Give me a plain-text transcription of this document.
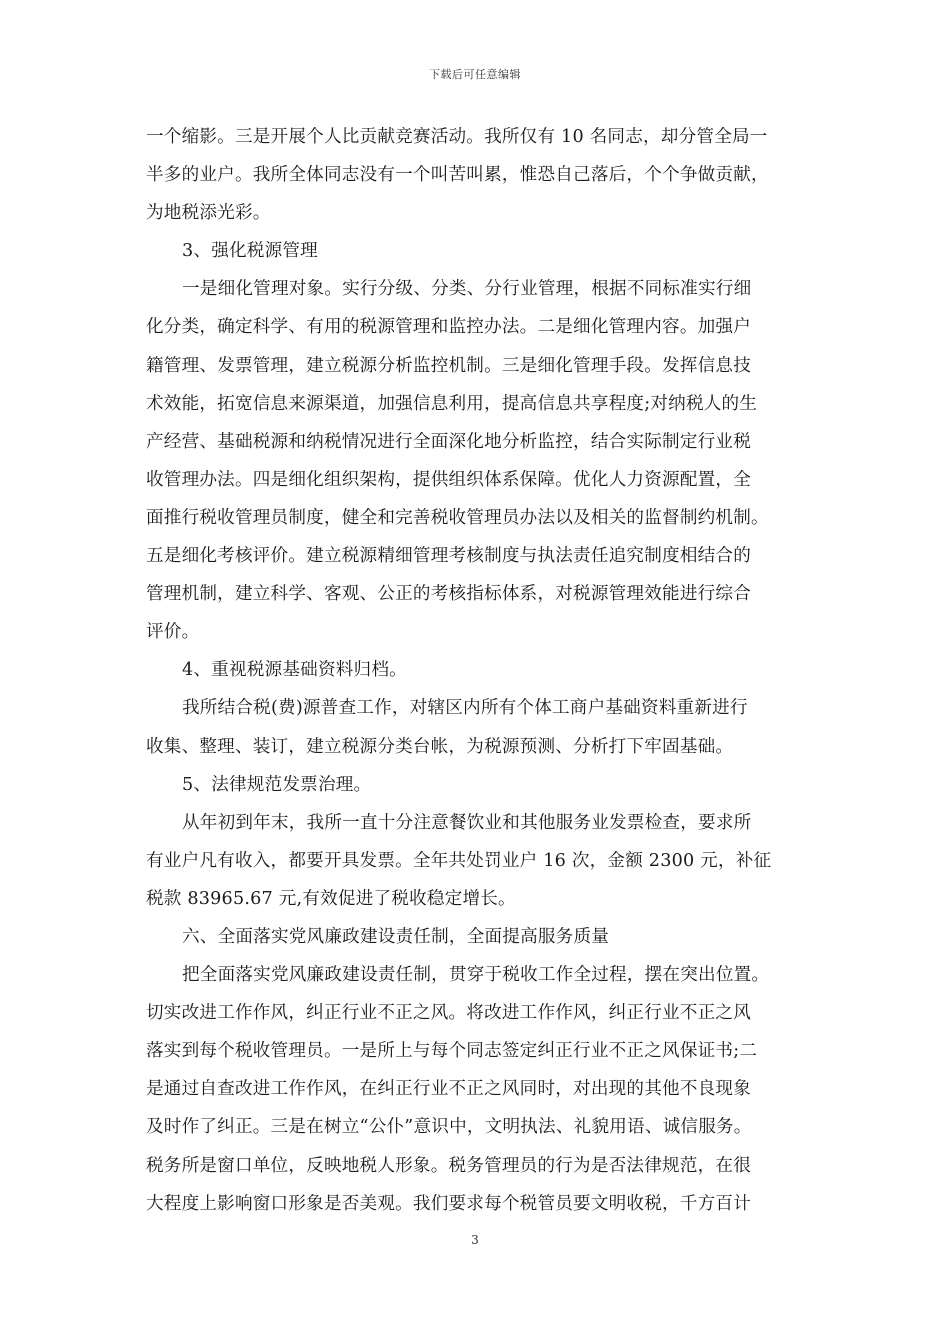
下载后可任意编辑
一个缩影。三是开展个人比贡献竞赛活动。我所仅有 10 名同志，却分管全局一
半多的业户。我所全体同志没有一个叫苦叫累，惟恐自己落后，个个争做贡献，
为地税添光彩。
3、强化税源管理
一是细化管理对象。实行分级、分类、分行业管理，根据不同标准实行细
化分类，确定科学、有用的税源管理和监控办法。二是细化管理内容。加强户
籍管理、发票管理，建立税源分析监控机制。三是细化管理手段。发挥信息技
术效能，拓宽信息来源渠道，加强信息利用，提高信息共享程度;对纳税人的生
产经营、基础税源和纳税情况进行全面深化地分析监控，结合实际制定行业税
收管理办法。四是细化组织架构，提供组织体系保障。优化人力资源配置，全
面推行税收管理员制度，健全和完善税收管理员办法以及相关的监督制约机制。
五是细化考核评价。建立税源精细管理考核制度与执法责任追究制度相结合的
管理机制，建立科学、客观、公正的考核指标体系，对税源管理效能进行综合
评价。
4、重视税源基础资料归档。
我所结合税(费)源普查工作，对辖区内所有个体工商户基础资料重新进行
收集、整理、装订，建立税源分类台帐，为税源预测、分析打下牢固基础。
5、法律规范发票治理。
从年初到年末，我所一直十分注意餐饮业和其他服务业发票检查，要求所
有业户凡有收入，都要开具发票。全年共处罚业户 16 次，金额 2300 元，补征
税款 83965.67 元,有效促进了税收稳定增长。
六、全面落实党风廉政建设责任制，全面提高服务质量
把全面落实党风廉政建设责任制，贯穿于税收工作全过程，摆在突出位置。
切实改进工作作风，纠正行业不正之风。将改进工作作风，纠正行业不正之风
落实到每个税收管理员。一是所上与每个同志签定纠正行业不正之风保证书;二
是通过自查改进工作作风，在纠正行业不正之风同时，对出现的其他不良现象
及时作了纠正。三是在树立“公仆”意识中，文明执法、礼貌用语、诚信服务。
税务所是窗口单位，反映地税人形象。税务管理员的行为是否法律规范，在很
大程度上影响窗口形象是否美观。我们要求每个税管员要文明收税，千方百计
3
